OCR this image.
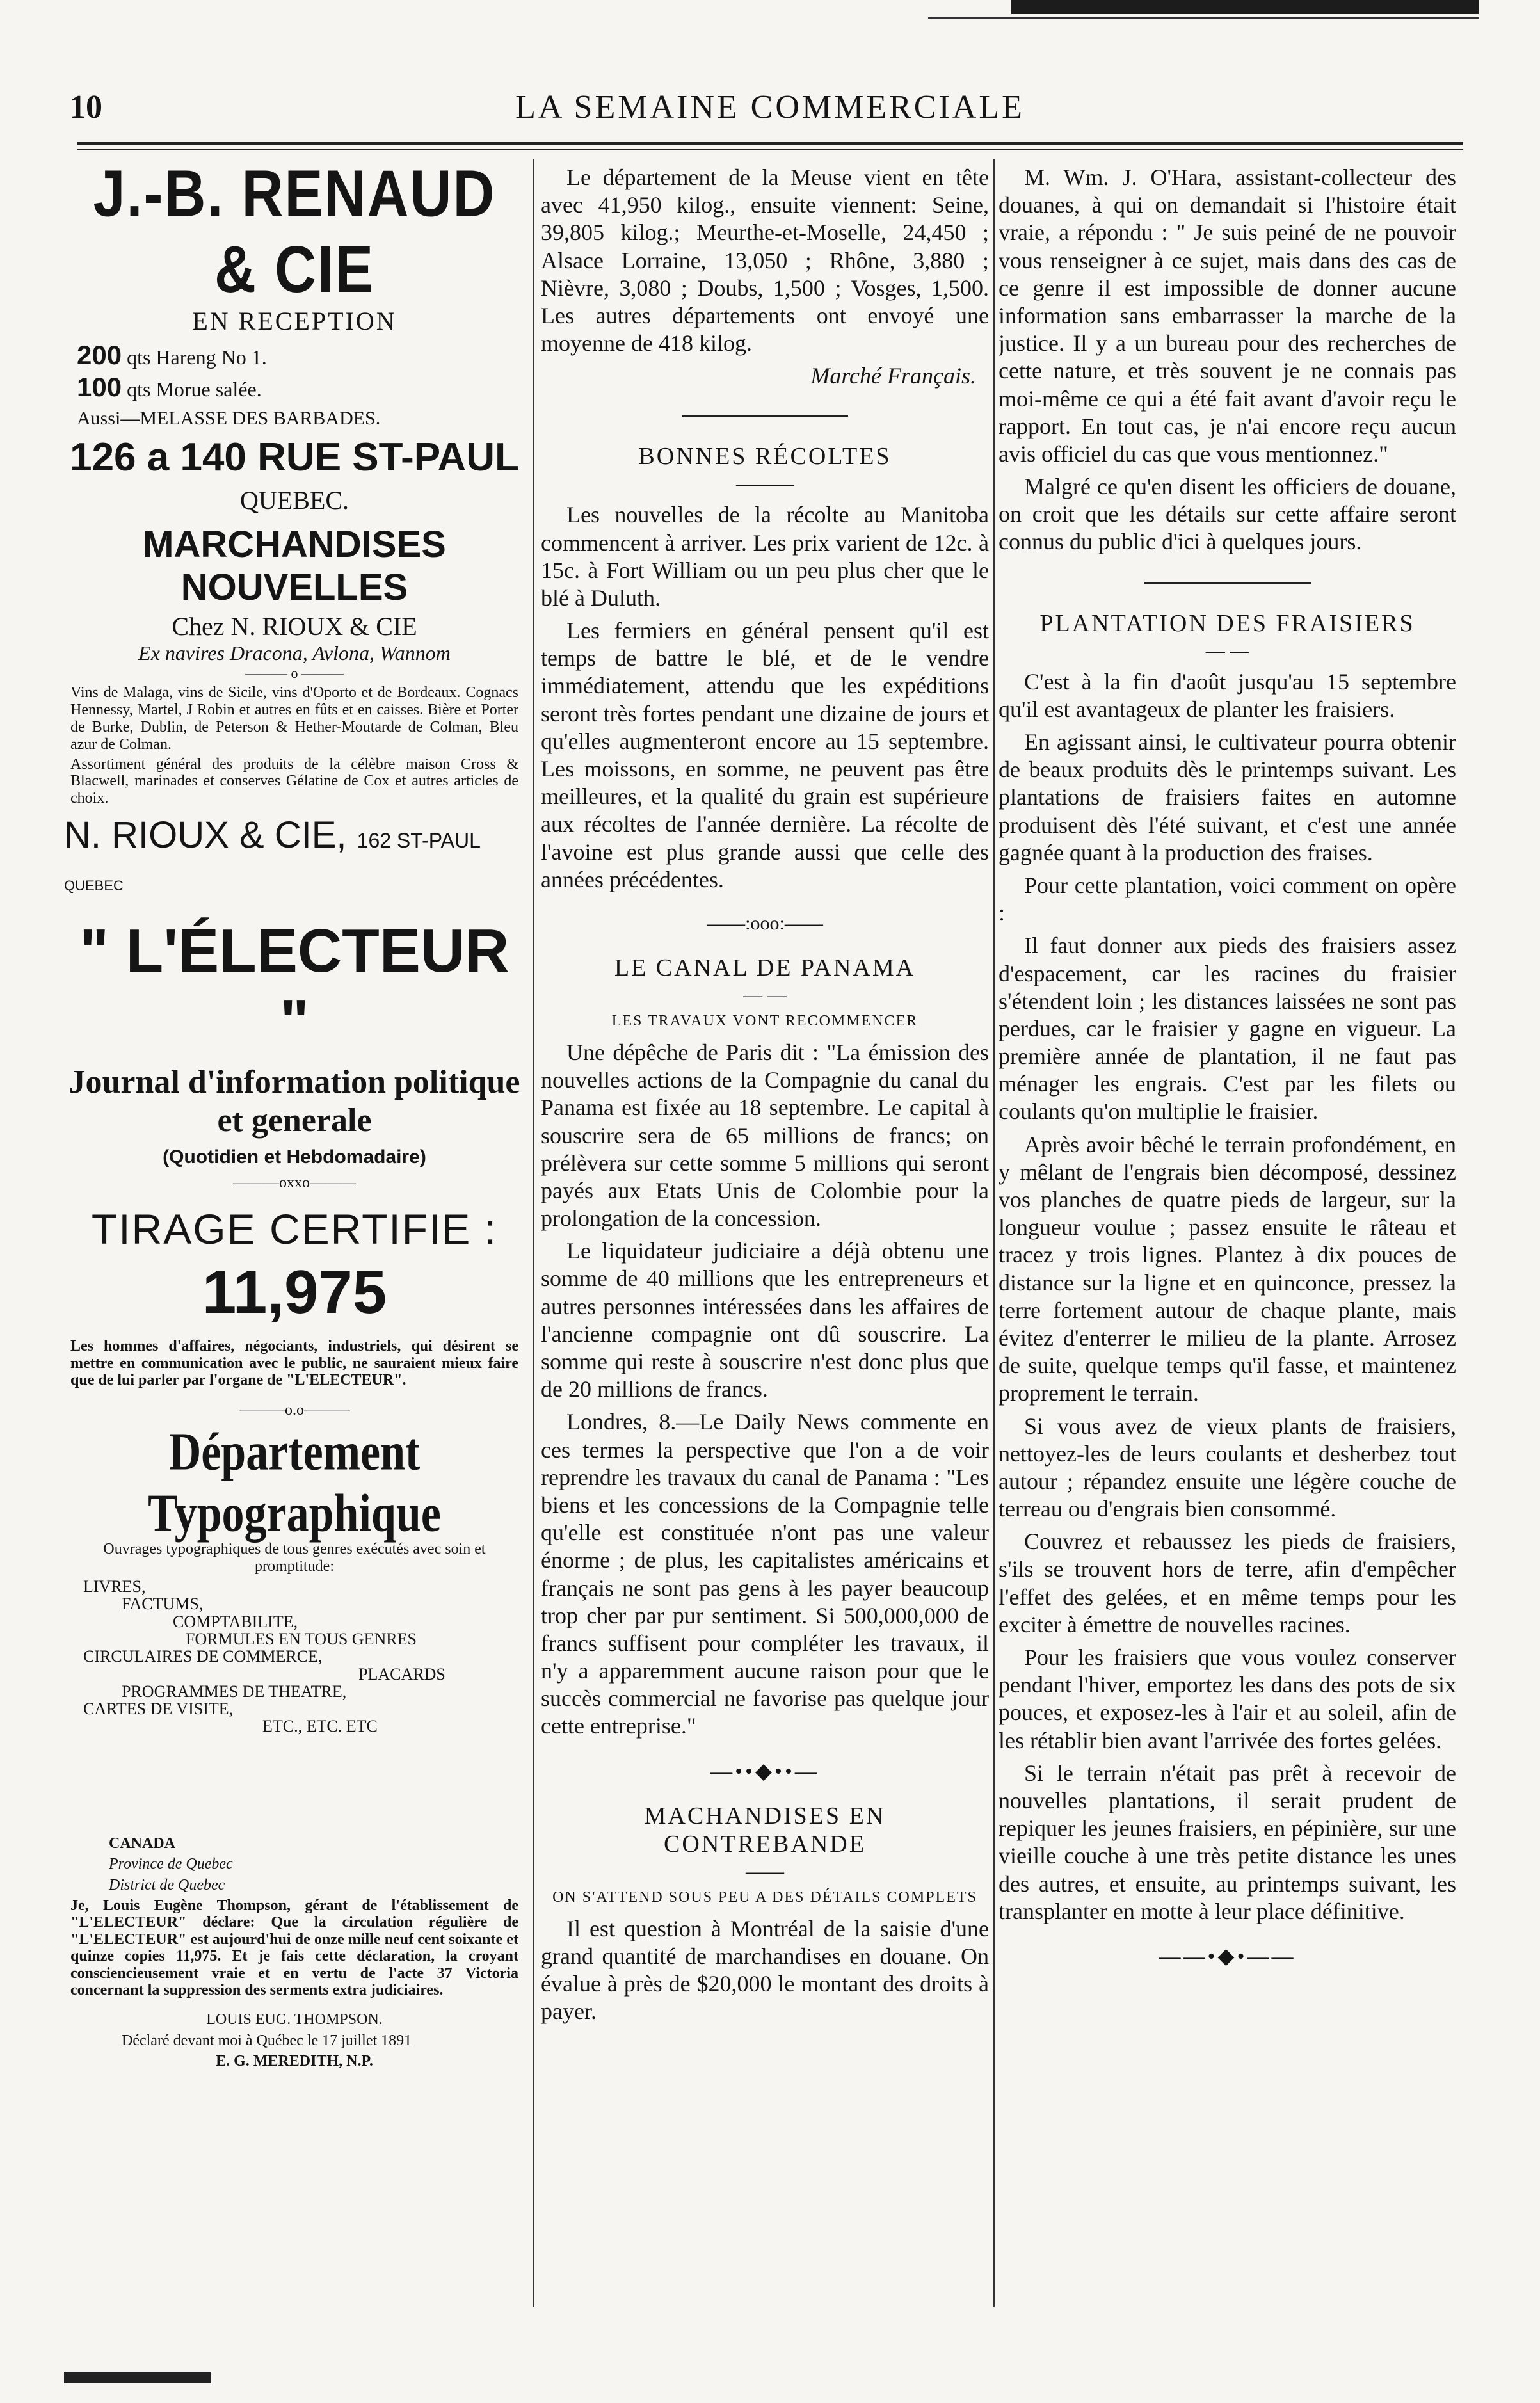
10	LA SEMAINE COMMERCIALE
J.-B. RENAUD & CIE
EN RECEPTION
200 qts Hareng No 1.
100 qts Morue salée.
Aussi—MELASSE DES BARBADES.
126 a 140 RUE ST-PAUL
QUEBEC.
MARCHANDISES NOUVELLES
Chez N. RIOUX & CIE
Ex navires Dracona, Avlona, Wannom
——— o ———

Vins de Malaga, vins de Sicile, vins d'Oporto et de Bordeaux. Cognacs Hennessy, Martel, J Robin et autres en fûts et en caisses. Bière et Porter de Burke, Dublin, de Peterson & Hether-Moutarde de Colman, Bleu azur de Colman.

Assortiment général des produits de la célèbre maison Cross & Blacwell, marinades et conserves Gélatine de Cox et autres articles de choix.

N. RIOUX & CIE, 162 ST-PAUL QUEBEC
" L'ÉLECTEUR "
Journal d'information politique et generale
(Quotidien et Hebdomadaire)
———oxxo———
TIRAGE CERTIFIE :
11,975

Les hommes d'affaires, négociants, industriels, qui désirent se mettre en communication avec le public, ne sauraient mieux faire que de lui parler par l'organe de "L'ELECTEUR".

———o.o———
Département Typographique

Ouvrages typographiques de tous genres exécutés avec soin et promptitude:

LIVRES,
FACTUMS,
COMPTABILITE,
FORMULES EN TOUS GENRES
CIRCULAIRES DE COMMERCE,
PLACARDS
PROGRAMMES DE THEATRE,
CARTES DE VISITE,
ETC., ETC. ETC
CANADA
Province de Quebec
District de Quebec

Je, Louis Eugène Thompson, gérant de l'établissement de "L'ELECTEUR" déclare: Que la circulation régulière de "L'ELECTEUR" est aujourd'hui de onze mille neuf cent soixante et quinze copies 11,975. Et je fais cette déclaration, la croyant consciencieusement vraie et en vertu de l'acte 37 Victoria concernant la suppression des serments extra judiciaires.

LOUIS EUG. THOMPSON.
Déclaré devant moi à Québec le 17 juillet 1891
E. G. MEREDITH, N.P.

Le département de la Meuse vient en tête avec 41,950 kilog., ensuite viennent: Seine, 39,805 kilog.; Meurthe-et-Moselle, 24,450 ; Alsace Lorraine, 13,050 ; Rhône, 3,880 ; Nièvre, 3,080 ; Doubs, 1,500 ; Vosges, 1,500. Les autres départements ont envoyé une moyenne de 418 kilog.

Marché Français.
BONNES RÉCOLTES
———

Les nouvelles de la récolte au Manitoba commencent à arriver. Les prix varient de 12c. à 15c. à Fort William ou un peu plus cher que le blé à Duluth.

Les fermiers en général pensent qu'il est temps de battre le blé, et de le vendre immédiatement, attendu que les expéditions seront très fortes pendant une dizaine de jours et qu'elles augmenteront encore au 15 septembre. Les moissons, en somme, ne peuvent pas être meilleures, et la qualité du grain est supérieure aux récoltes de l'année dernière. La récolte de l'avoine est plus grande aussi que celle des années précédentes.

——:ooo:——
LE CANAL DE PANAMA
— —
LES TRAVAUX VONT RECOMMENCER

Une dépêche de Paris dit : "La émission des nouvelles actions de la Compagnie du canal du Panama est fixée au 18 septembre. Le capital à souscrire sera de 65 millions de francs; on prélèvera sur cette somme 5 millions qui seront payés aux Etats Unis de Colombie pour la prolongation de la concession.

Le liquidateur judiciaire a déjà obtenu une somme de 40 millions que les entrepreneurs et autres personnes intéressées dans les affaires de l'ancienne compagnie ont dû souscrire. La somme qui reste à souscrire n'est donc plus que de 20 millions de francs.

Londres, 8.—Le Daily News commente en ces termes la perspective que l'on a de voir reprendre les travaux du canal de Panama : "Les biens et les concessions de la Compagnie telle qu'elle est constituée n'ont pas une valeur énorme ; de plus, les capitalistes américains et français ne sont pas gens à les payer beaucoup trop cher par pur sentiment. Si 500,000,000 de francs suffisent pour compléter les travaux, il n'y a apparemment aucune raison pour que le succès commercial ne favorise pas quelque jour cette entreprise."

—••◆••—
MACHANDISES EN CONTREBANDE
——
ON S'ATTEND SOUS PEU A DES DÉTAILS COMPLETS

Il est question à Montréal de la saisie d'une grand quantité de marchandises en douane. On évalue à près de $20,000 le montant des droits à payer.

M. Wm. J. O'Hara, assistant-collecteur des douanes, à qui on demandait si l'histoire était vraie, a répondu : " Je suis peiné de ne pouvoir vous renseigner à ce sujet, mais dans des cas de ce genre il est impossible de donner aucune information sans embarrasser la marche de la justice. Il y a un bureau pour des recherches de cette nature, et très souvent je ne connais pas moi-même ce qui a été fait avant d'avoir reçu le rapport. En tout cas, je n'ai encore reçu aucun avis officiel du cas que vous mentionnez."

Malgré ce qu'en disent les officiers de douane, on croit que les détails sur cette affaire seront connus du public d'ici à quelques jours.

PLANTATION DES FRAISIERS
— —

C'est à la fin d'août jusqu'au 15 septembre qu'il est avantageux de planter les fraisiers.

En agissant ainsi, le cultivateur pourra obtenir de beaux produits dès le printemps suivant. Les plantations de fraisiers faites en automne produisent dès l'été suivant, et c'est une année gagnée quant à la production des fraises.

Pour cette plantation, voici comment on opère :

Il faut donner aux pieds des fraisiers assez d'espacement, car les racines du fraisier s'étendent loin ; les distances laissées ne sont pas perdues, car le fraisier y gagne en vigueur. La première année de plantation, il ne faut pas ménager les engrais. C'est par les filets ou coulants qu'on multiplie le fraisier.

Après avoir bêché le terrain profondément, en y mêlant de l'engrais bien décomposé, dessinez vos planches de quatre pieds de largeur, sur la longueur voulue ; passez ensuite le râteau et tracez y trois lignes. Plantez à dix pouces de distance sur la ligne et en quinconce, pressez la terre fortement autour de chaque plante, mais évitez d'enterrer le milieu de la plante. Arrosez de suite, quelque temps qu'il fasse, et maintenez proprement le terrain.

Si vous avez de vieux plants de fraisiers, nettoyez-les de leurs coulants et desherbez tout autour ; répandez ensuite une légère couche de terreau ou d'engrais bien consommé.

Couvrez et rebaussez les pieds de fraisiers, s'ils se trouvent hors de terre, afin d'empêcher l'effet des gelées, et en même temps pour les exciter à émettre de nouvelles racines.

Pour les fraisiers que vous voulez conserver pendant l'hiver, emportez les dans des pots de six pouces, et exposez-les à l'air et au soleil, afin de les rétablir bien avant l'arrivée des fortes gelées.

Si le terrain n'était pas prêt à recevoir de nouvelles plantations, il serait prudent de repiquer les jeunes fraisiers, en pépinière, sur une vieille couche à une très petite distance les unes des autres, et ensuite, au printemps suivant, les transplanter en motte à leur place définitive.

——•◆•——
